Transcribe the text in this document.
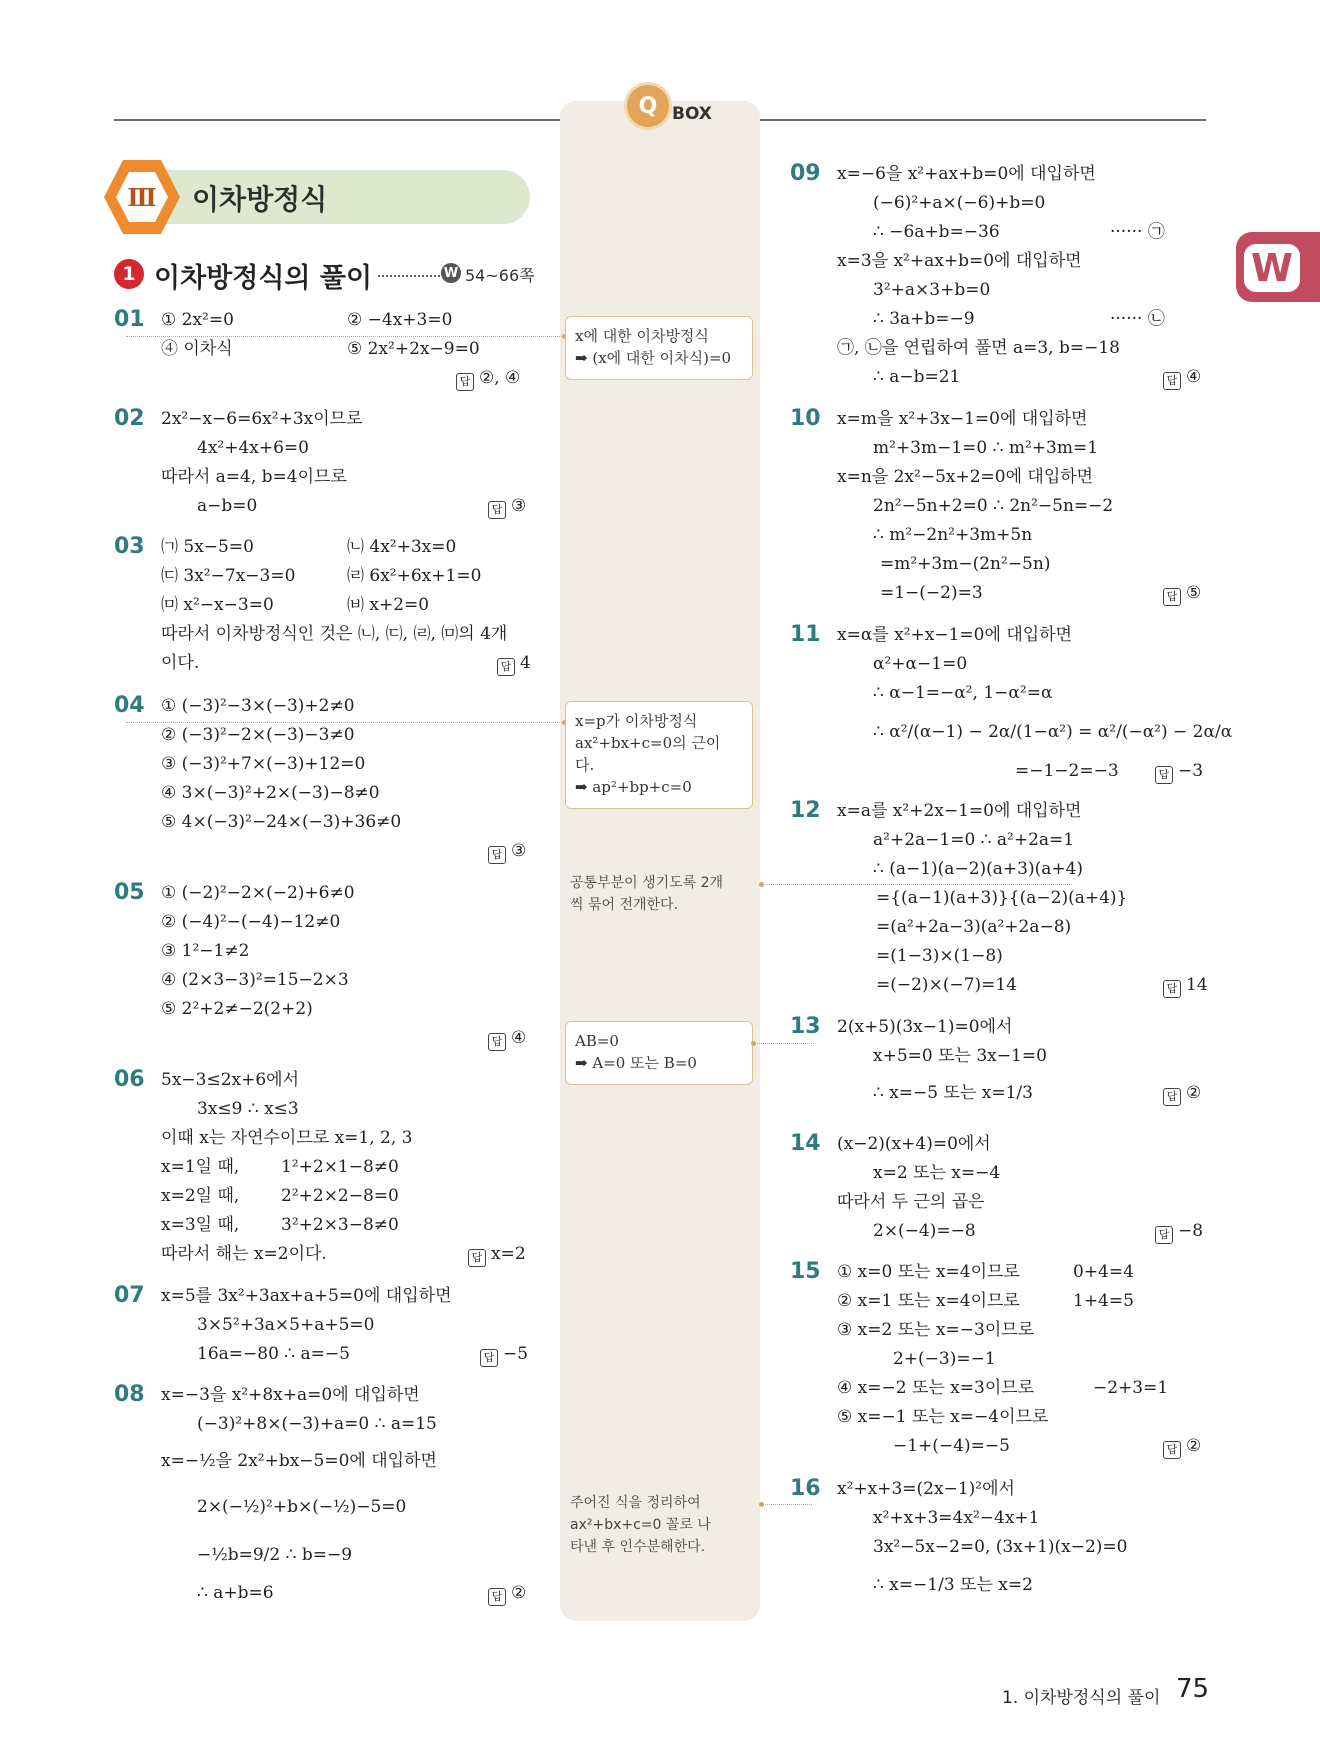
Q BOX
W
Ⅲ	이차방정식
1 이차방정식의 풀이	W 54~66쪽
01 ① 2x²=0	② −4x+3=0
④ 이차식	⑤ 2x²+2x−9=0
답 ②, ④
02 2x²−x−6=6x²+3x이므로
4x²+4x+6=0
따라서 a=4, b=4이므로
a−b=0	답 ③
03 ㈀ 5x−5=0	㈁ 4x²+3x=0
㈂ 3x²−7x−3=0	㈃ 6x²+6x+1=0
㈄ x²−x−3=0	㈅ x+2=0
따라서 이차방정식인 것은 ㈁, ㈂, ㈃, ㈄의 4개
이다.	답 4
04 ① (−3)²−3×(−3)+2≠0
② (−3)²−2×(−3)−3≠0
③ (−3)²+7×(−3)+12=0
④ 3×(−3)²+2×(−3)−8≠0
⑤ 4×(−3)²−24×(−3)+36≠0
답 ③
05 ① (−2)²−2×(−2)+6≠0
② (−4)²−(−4)−12≠0
③ 1²−1≠2
④ (2×3−3)²=15−2×3
⑤ 2²+2≠−2(2+2)
답 ④
06 5x−3≤2x+6에서
3x≤9 ∴ x≤3
이때 x는 자연수이므로 x=1, 2, 3
x=1일 때, 1²+2×1−8≠0
x=2일 때, 2²+2×2−8=0
x=3일 때, 3²+2×3−8≠0
따라서 해는 x=2이다.	답 x=2
07 x=5를 3x²+3ax+a+5=0에 대입하면
3×5²+3a×5+a+5=0
16a=−80 ∴ a=−5	답 −5
08 x=−3을 x²+8x+a=0에 대입하면
(−3)²+8×(−3)+a=0 ∴ a=15
x=−½을 2x²+bx−5=0에 대입하면
2×(−½)²+b×(−½)−5=0
−½b=9/2 ∴ b=−9
∴ a+b=6	답 ②
x에 대한 이차방정식
➡ (x에 대한 이차식)=0
x=p가 이차방정식
ax²+bx+c=0의 근이
다.
➡ ap²+bp+c=0
공통부분이 생기도록 2개
씩 묶어 전개한다.
AB=0
➡ A=0 또는 B=0
주어진 식을 정리하여
ax²+bx+c=0 꼴로 나
타낸 후 인수분해한다.
09 x=−6을 x²+ax+b=0에 대입하면
(−6)²+a×(−6)+b=0
∴ −6a+b=−36	······ ㉠
x=3을 x²+ax+b=0에 대입하면
3²+a×3+b=0
∴ 3a+b=−9	······ ㉡
㉠, ㉡을 연립하여 풀면 a=3, b=−18
∴ a−b=21	답 ④
10 x=m을 x²+3x−1=0에 대입하면
m²+3m−1=0 ∴ m²+3m=1
x=n을 2x²−5x+2=0에 대입하면
2n²−5n+2=0 ∴ 2n²−5n=−2
∴ m²−2n²+3m+5n
=m²+3m−(2n²−5n)
=1−(−2)=3	답 ⑤
11 x=α를 x²+x−1=0에 대입하면
α²+α−1=0
∴ α−1=−α², 1−α²=α
∴ α²/(α−1) − 2α/(1−α²) = α²/(−α²) − 2α/α
=−1−2=−3	답 −3
12 x=a를 x²+2x−1=0에 대입하면
a²+2a−1=0 ∴ a²+2a=1
∴ (a−1)(a−2)(a+3)(a+4)
={(a−1)(a+3)}{(a−2)(a+4)}
=(a²+2a−3)(a²+2a−8)
=(1−3)×(1−8)
=(−2)×(−7)=14	답 14
13 2(x+5)(3x−1)=0에서
x+5=0 또는 3x−1=0
∴ x=−5 또는 x=1/3	답 ②
14 (x−2)(x+4)=0에서
x=2 또는 x=−4
따라서 두 근의 곱은
2×(−4)=−8	답 −8
15 ① x=0 또는 x=4이므로	0+4=4
② x=1 또는 x=4이므로	1+4=5
③ x=2 또는 x=−3이므로
2+(−3)=−1
④ x=−2 또는 x=3이므로	−2+3=1
⑤ x=−1 또는 x=−4이므로
−1+(−4)=−5	답 ②
16 x²+x+3=(2x−1)²에서
x²+x+3=4x²−4x+1
3x²−5x−2=0, (3x+1)(x−2)=0
∴ x=−1/3 또는 x=2
1. 이차방정식의 풀이 75
